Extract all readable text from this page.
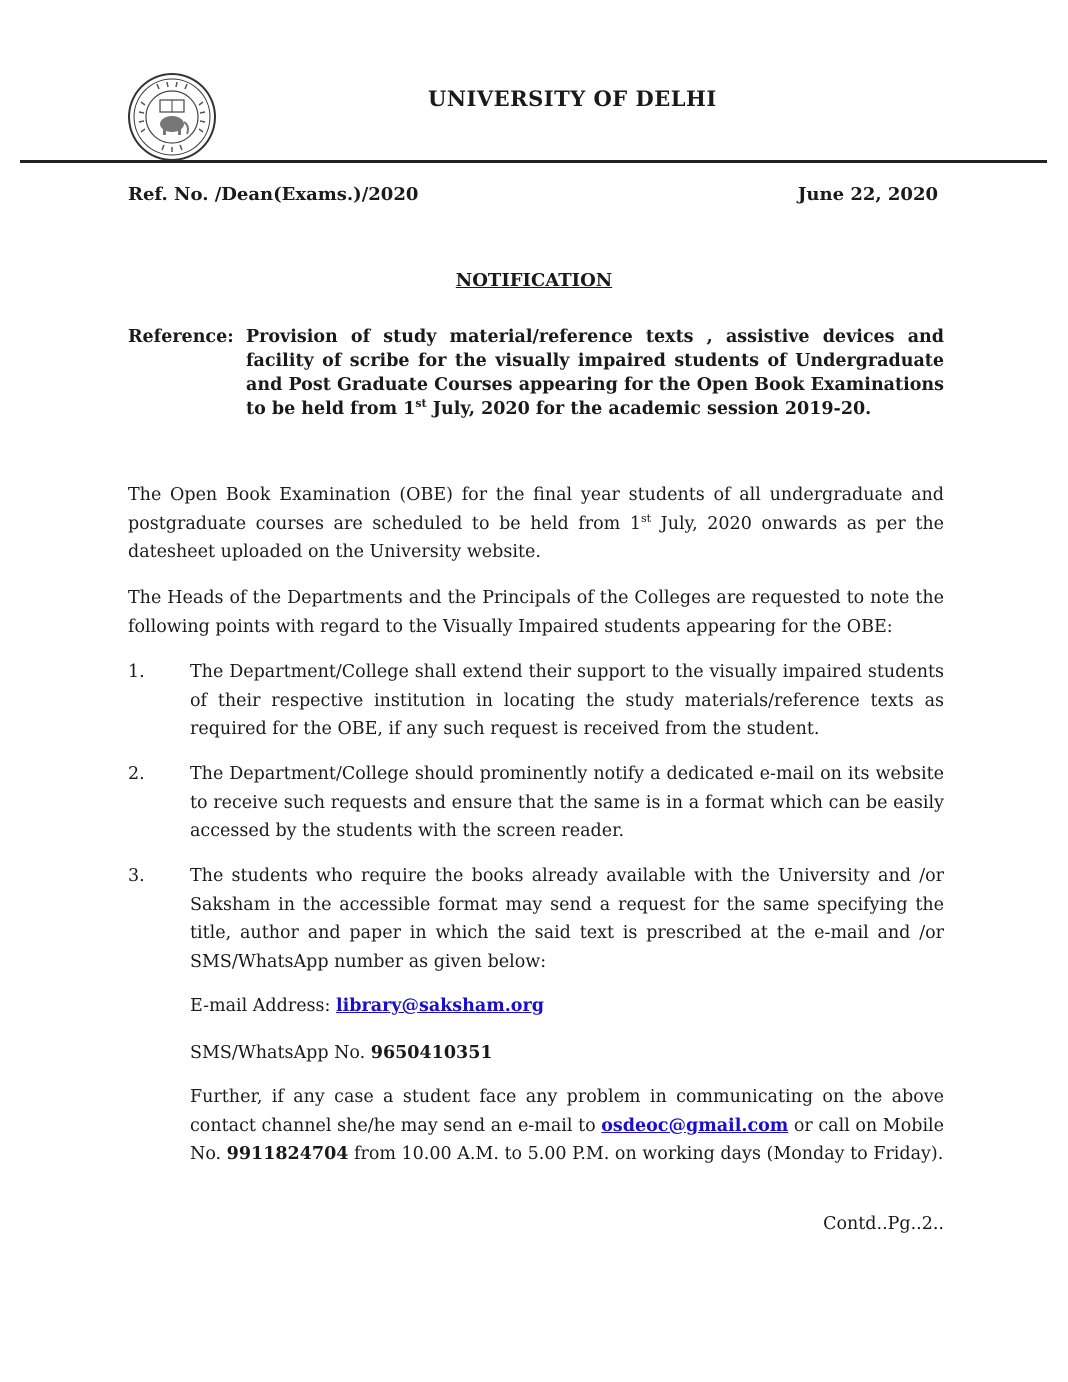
UNIVERSITY OF DELHI
Ref. No. /Dean(Exams.)/2020	June 22, 2020
NOTIFICATION
Reference: Provision of study material/reference texts , assistive devices and facility of scribe for the visually impaired students of Undergraduate and Post Graduate Courses appearing for the Open Book Examinations to be held from 1st July, 2020 for the academic session 2019-20.
The Open Book Examination (OBE) for the final year students of all undergraduate and postgraduate courses are scheduled to be held from 1st July, 2020 onwards as per the datesheet uploaded on the University website.
The Heads of the Departments and the Principals of the Colleges are requested to note the following points with regard to the Visually Impaired students appearing for the OBE:
1.	The Department/College shall extend their support to the visually impaired students of their respective institution in locating the study materials/reference texts as required for the OBE, if any such request is received from the student.
2.	The Department/College should prominently notify a dedicated e-mail on its website to receive such requests and ensure that the same is in a format which can be easily accessed by the students with the screen reader.
3.	The students who require the books already available with the University and /or Saksham in the accessible format may send a request for the same specifying the title, author and paper in which the said text is prescribed at the e-mail and /or SMS/WhatsApp number as given below:
E-mail Address: library@saksham.org
SMS/WhatsApp No. 9650410351
Further, if any case a student face any problem in communicating on the above contact channel she/he may send an e-mail to osdeoc@gmail.com or call on Mobile No. 9911824704 from 10.00 A.M. to 5.00 P.M. on working days (Monday to Friday).
Contd..Pg..2..
